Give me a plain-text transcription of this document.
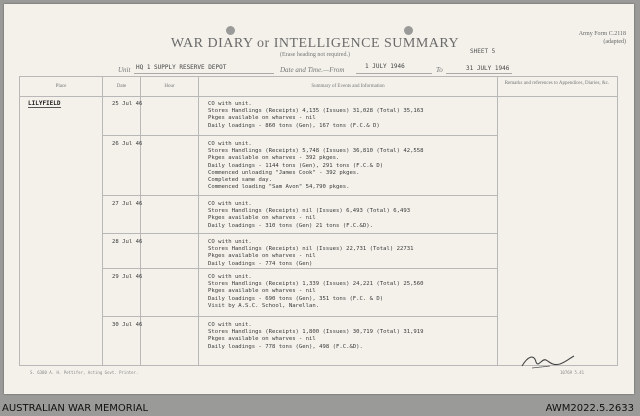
WAR DIARY or INTELLIGENCE SUMMARY
(Erase heading not required.)
Army Form C.2118
(adapted)
SHEET 5
Unit HQ 1 SUPPLY RESERVE DEPOT	Date and Time.—From	1 JULY 1946	To	31 JULY 1946
Place	Date	Hour	Summary of Events and Information
Remarks and references to Appendices, Diaries, &c.
LILYFIELD	25 Jul 46	CO with unit.
Stores Handlings (Receipts) 4,135 (Issues) 31,028 (Total) 35,163
Pkges available on wharves - nil
Daily loadings - 860 tons (Gen), 167 tons (F.C.& D)
26 Jul 46	CO with unit.
Stores Handlings (Receipts) 5,748 (Issues) 36,810 (Total) 42,558
Pkges available on wharves - 392 pkges.
Daily loadings - 1144 tons (Gen), 291 tons (F.C.& D)
Commenced unloading "James Cook" - 392 pkges.
Completed same day.
Commenced loading "Sam Avon" 54,790 pkges.
27 Jul 46	CO with unit.
Stores Handlings (Receipts) nil (Issues) 6,493 (Total) 6,493
Pkges available on wharves - nil
Daily loadings - 310 tons (Gen) 21 tons (F.C.&D).
28 Jul 46	CO with unit.
Stores Handlings (Receipts) nil (Issues) 22,731 (Total) 22731
Pkges available on wharves - nil
Daily loadings - 774 tons (Gen)
29 Jul 46	CO with unit.
Stores Handlings (Receipts) 1,339 (Issues) 24,221 (Total) 25,560
Pkges available on wharves - nil
Daily loadings - 690 tons (Gen), 351 tons (F.C. & D)
Visit by A.S.C. School, Narellan.
30 Jul 46	CO with unit.
Stores Handlings (Receipts) 1,800 (Issues) 30,719 (Total) 31,919
Pkges available on wharves - nil
Daily loadings - 778 tons (Gen), 498 (F.C.&D).
S. 6380 A. H. Pettifer, Acting Govt. Printer.	10769 5.41
AUSTRALIAN WAR MEMORIAL	AWM2022.5.2633
